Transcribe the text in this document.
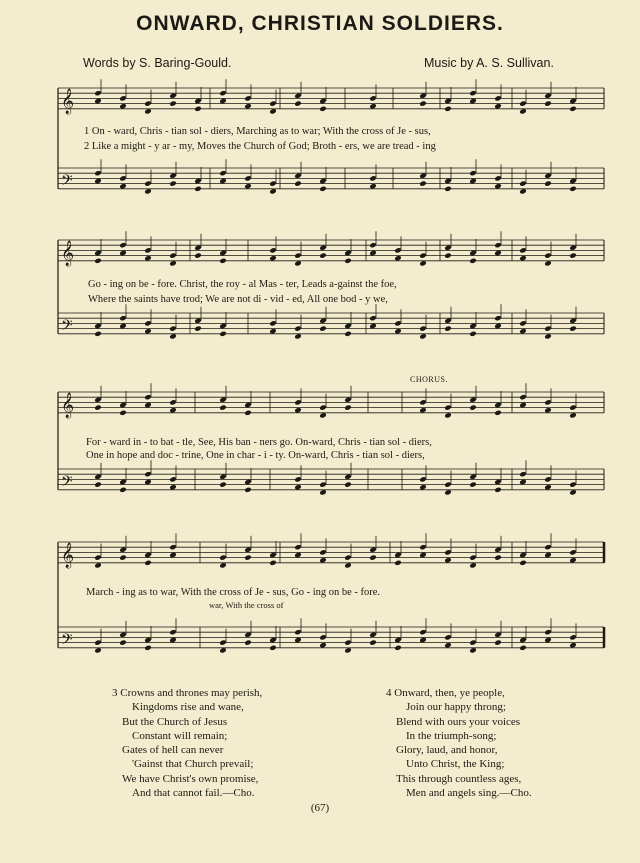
ONWARD, CHRISTIAN SOLDIERS.
Words by S. Baring-Gould.	Music by A. S. Sullivan.
𝄞
𝄢
𝄞
𝄢
𝄞
𝄢
𝄞
𝄢
CHORUS.
1 On - ward, Chris - tian sol - diers, Marching as to war; With the cross of Je - sus,
2 Like a might - y ar - my, Moves the Church of God; Broth - ers, we are tread - ing
Go - ing on be - fore. Christ, the roy - al Mas - ter, Leads a-gainst the foe,
Where the saints have trod; We are not di - vid - ed, All one bod - y we,
For - ward in - to bat - tle, See, His ban - ners go. On-ward, Chris - tian sol - diers,
One in hope and doc - trine, One in char - i - ty. On-ward, Chris - tian sol - diers,
March - ing as to war, With the cross of Je - sus, Go - ing on be - fore.
war, With the cross of
3 Crowns and thrones may perish,
Kingdoms rise and wane,
But the Church of Jesus
Constant will remain;
Gates of hell can never
'Gainst that Church prevail;
We have Christ's own promise,
And that cannot fail.—Cho.
4 Onward, then, ye people,
Join our happy throng;
Blend with ours your voices
In the triumph-song;
Glory, laud, and honor,
Unto Christ, the King;
This through countless ages,
Men and angels sing.—Cho.
(67)
